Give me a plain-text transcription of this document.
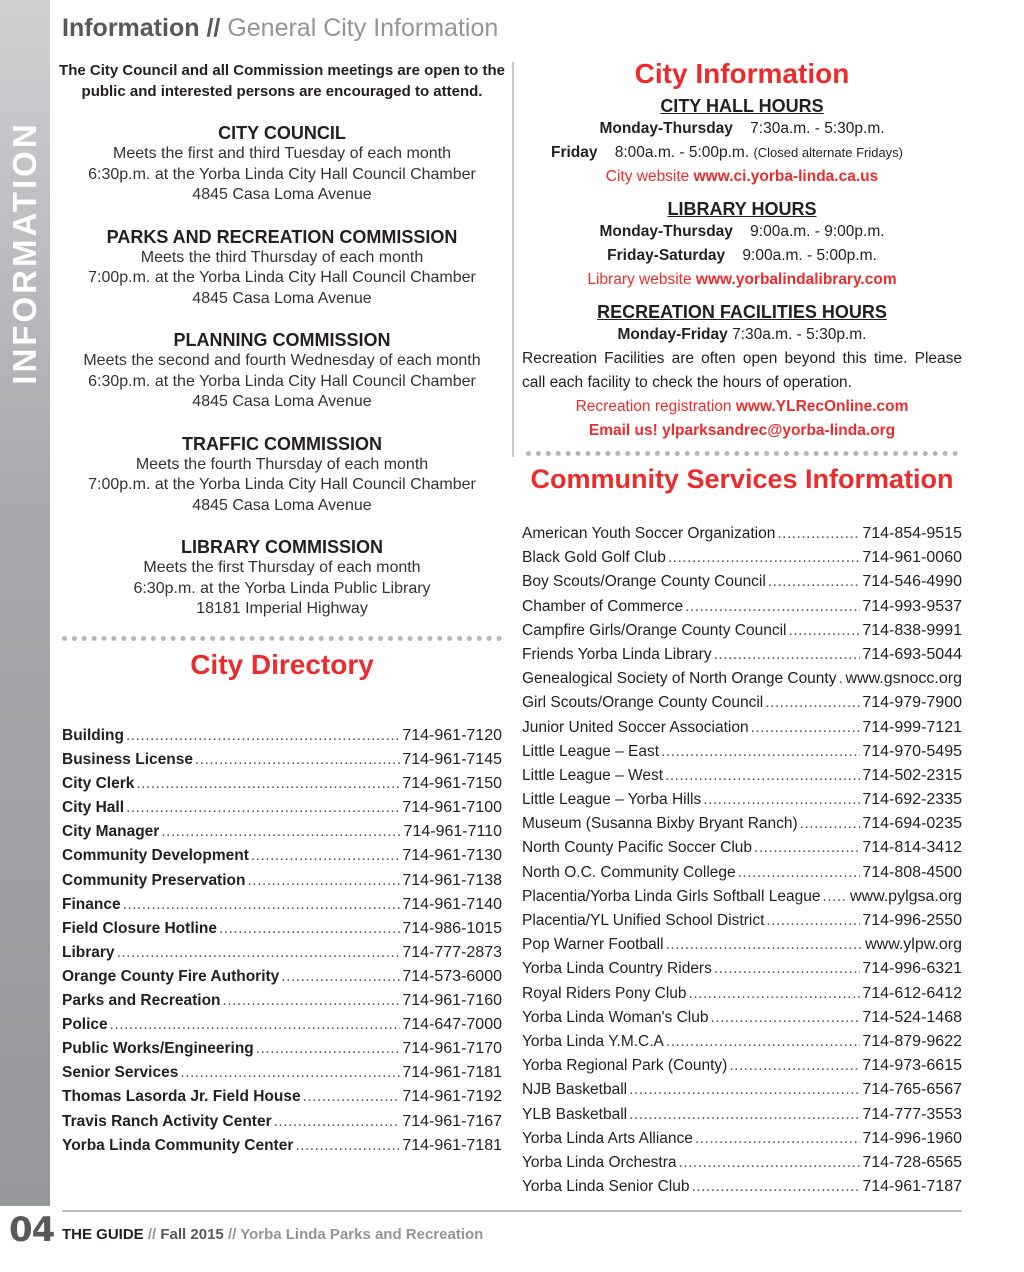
INFORMATION
04
Information // General City Information
The City Council and all Commission meetings are open to the public and interested persons are encouraged to attend.
CITY COUNCIL
Meets the first and third Tuesday of each month
6:30p.m. at the Yorba Linda City Hall Council Chamber
4845 Casa Loma Avenue
PARKS AND RECREATION COMMISSION
Meets the third Thursday of each month
7:00p.m. at the Yorba Linda City Hall Council Chamber
4845 Casa Loma Avenue
PLANNING COMMISSION
Meets the second and fourth Wednesday of each month
6:30p.m. at the Yorba Linda City Hall Council Chamber
4845 Casa Loma Avenue
TRAFFIC COMMISSION
Meets the fourth Thursday of each month
7:00p.m. at the Yorba Linda City Hall Council Chamber
4845 Casa Loma Avenue
LIBRARY COMMISSION
Meets the first Thursday of each month
6:30p.m. at the Yorba Linda Public Library
18181 Imperial Highway
City Directory
Building .....	714-961-7120
Business License .....	714-961-7145
City Clerk .....	714-961-7150
City Hall .....	714-961-7100
City Manager .....	714-961-7110
Community Development .....	714-961-7130
Community Preservation .....	714-961-7138
Finance .....	714-961-7140
Field Closure Hotline .....	714-986-1015
Library .....	714-777-2873
Orange County Fire Authority .....	714-573-6000
Parks and Recreation .....	714-961-7160
Police .....	714-647-7000
Public Works/Engineering .....	714-961-7170
Senior Services .....	714-961-7181
Thomas Lasorda Jr. Field House .....	714-961-7192
Travis Ranch Activity Center .....	714-961-7167
Yorba Linda Community Center .....	714-961-7181
City Information
CITY HALL HOURS
Monday-Thursday 7:30a.m. - 5:30p.m.
Friday 8:00a.m. - 5:00p.m. (Closed alternate Fridays)
City website www.ci.yorba-linda.ca.us
LIBRARY HOURS
Monday-Thursday 9:00a.m. - 9:00p.m.
Friday-Saturday 9:00a.m. - 5:00p.m.
Library website www.yorbalindalibrary.com
RECREATION FACILITIES HOURS
Monday-Friday 7:30a.m. - 5:30p.m.
Recreation Facilities are often open beyond this time. Please call each facility to check the hours of operation.
Recreation registration www.YLRecOnline.com
Email us! ylparksandrec@yorba-linda.org
Community Services Information
American Youth Soccer Organization .....	714-854-9515
Black Gold Golf Club .....	714-961-0060
Boy Scouts/Orange County Council .....	714-546-4990
Chamber of Commerce .....	714-993-9537
Campfire Girls/Orange County Council .....	714-838-9991
Friends Yorba Linda Library .....	714-693-5044
Genealogical Society of North Orange County ..... www.gsnocc.org
Girl Scouts/Orange County Council .....	714-979-7900
Junior United Soccer Association .....	714-999-7121
Little League – East .....	714-970-5495
Little League – West .....	714-502-2315
Little League – Yorba Hills .....	714-692-2335
Museum (Susanna Bixby Bryant Ranch) .....	714-694-0235
North County Pacific Soccer Club .....	714-814-3412
North O.C. Community College .....	714-808-4500
Placentia/Yorba Linda Girls Softball League ..... www.pylgsa.org
Placentia/YL Unified School District .....	714-996-2550
Pop Warner Football .....	www.ylpw.org
Yorba Linda Country Riders .....	714-996-6321
Royal Riders Pony Club .....	714-612-6412
Yorba Linda Woman's Club .....	714-524-1468
Yorba Linda Y.M.C.A .....	714-879-9622
Yorba Regional Park (County) .....	714-973-6615
NJB Basketball .....	714-765-6567
YLB Basketball .....	714-777-3553
Yorba Linda Arts Alliance .....	714-996-1960
Yorba Linda Orchestra .....	714-728-6565
Yorba Linda Senior Club .....	714-961-7187
THE GUIDE // Fall 2015 // Yorba Linda Parks and Recreation
